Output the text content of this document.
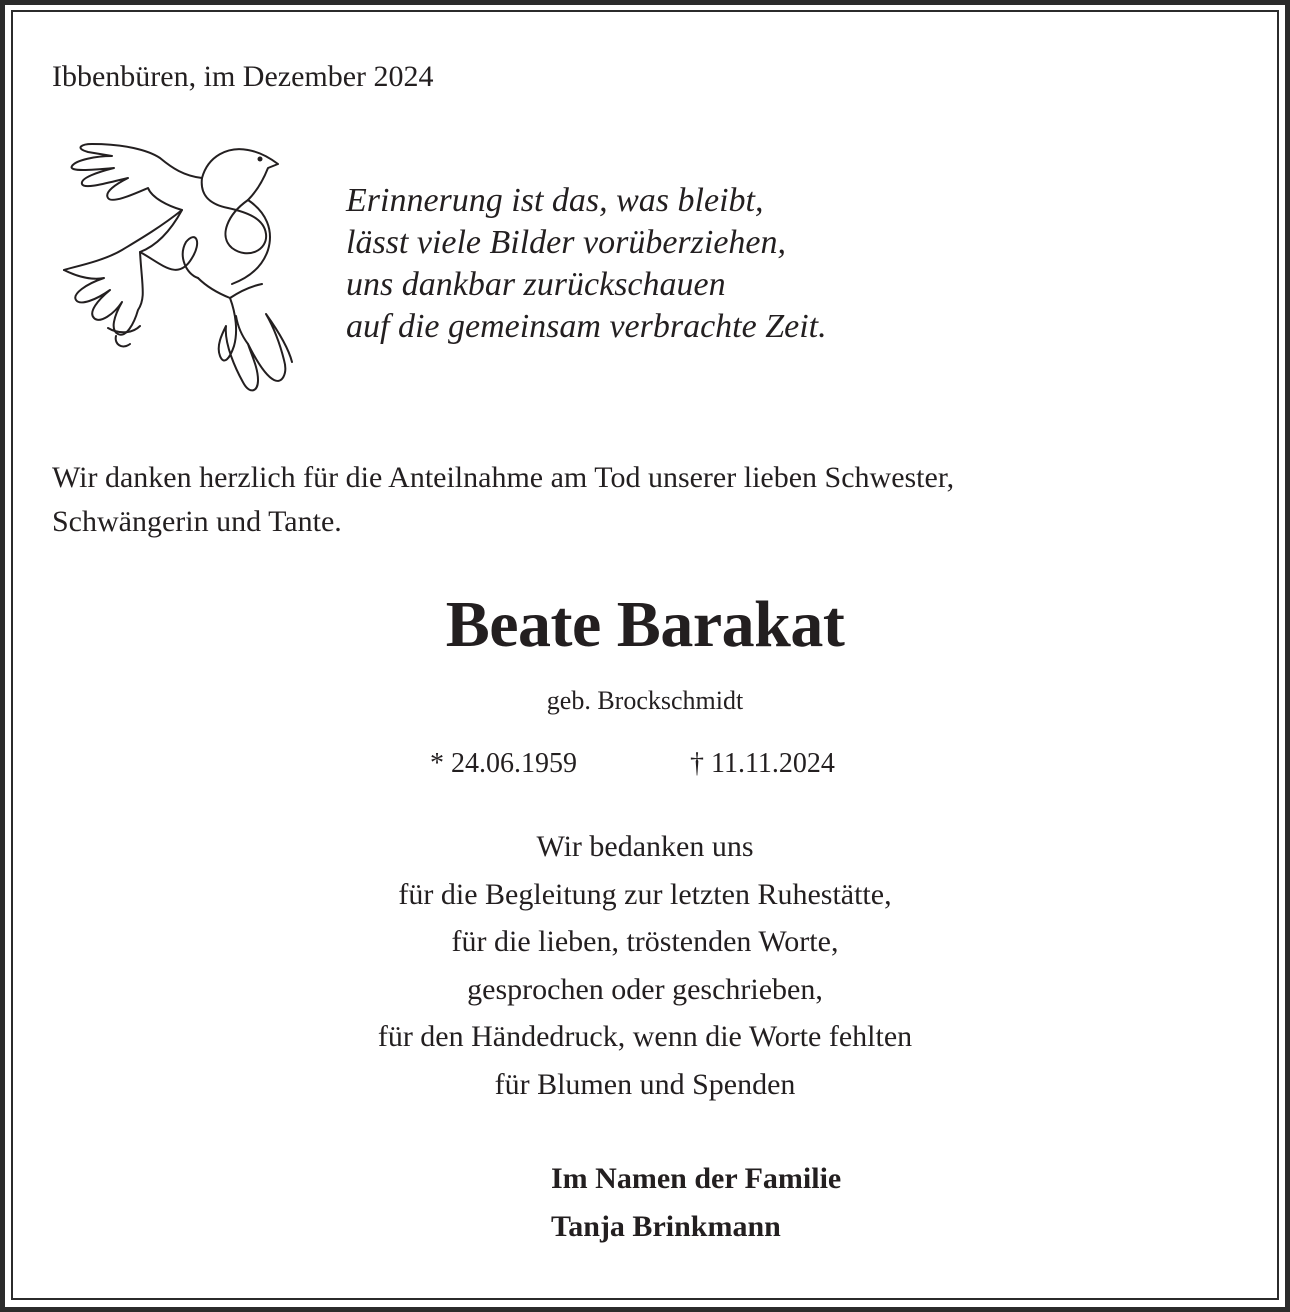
Ibbenbüren, im Dezember 2024
Erinnerung ist das, was bleibt,
lässt viele Bilder vorüberziehen,
uns dankbar zurückschauen
auf die gemeinsam verbrachte Zeit.
Wir danken herzlich für die Anteilnahme am Tod unserer lieben Schwester,
Schwängerin und Tante.
Beate Barakat
geb. Brockschmidt
* 24.06.1959	† 11.11.2024
Wir bedanken uns
für die Begleitung zur letzten Ruhestätte,
für die lieben, tröstenden Worte,
gesprochen oder geschrieben,
für den Händedruck, wenn die Worte fehlten
für Blumen und Spenden
Im Namen der Familie
Tanja Brinkmann
